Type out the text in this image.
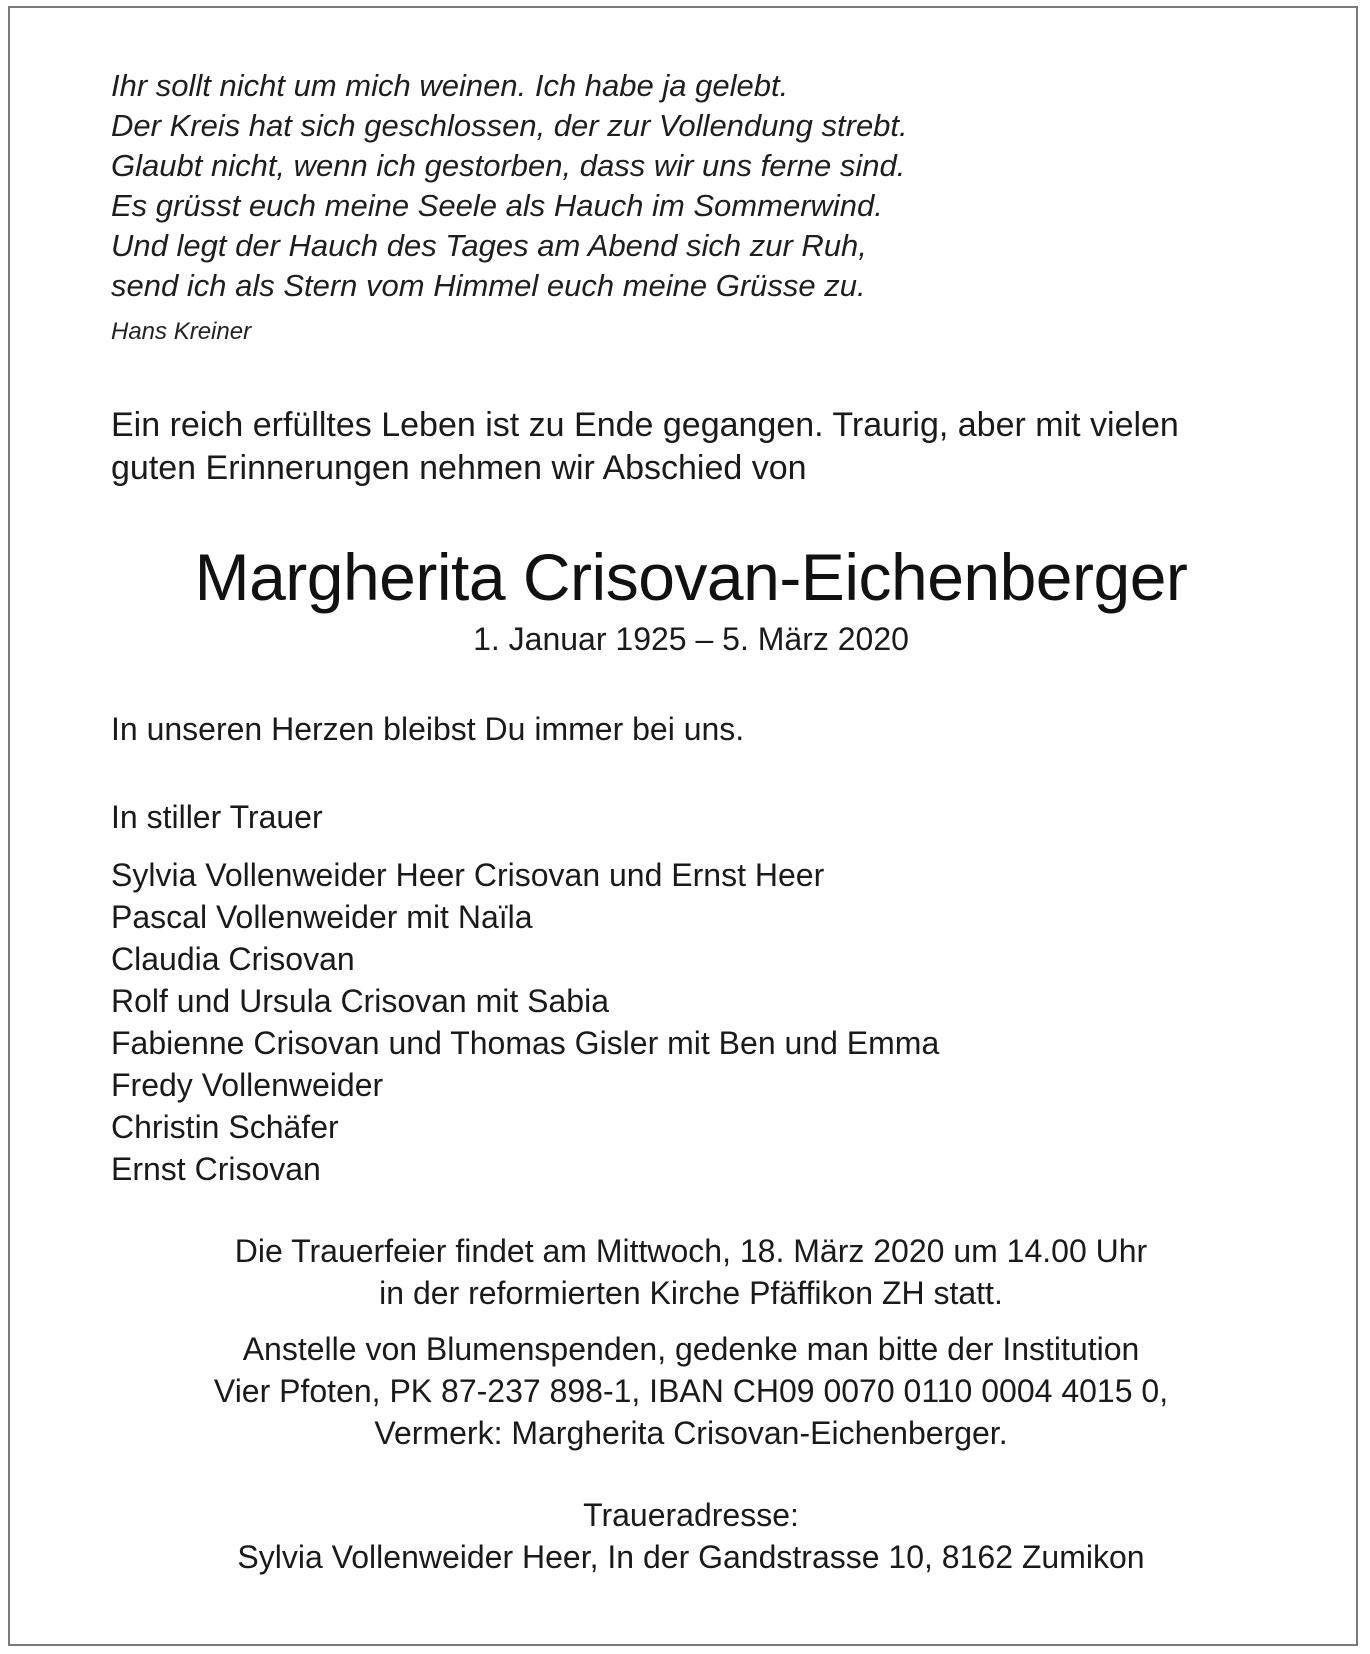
Ihr sollt nicht um mich weinen. Ich habe ja gelebt.
Der Kreis hat sich geschlossen, der zur Vollendung strebt.
Glaubt nicht, wenn ich gestorben, dass wir uns ferne sind.
Es grüsst euch meine Seele als Hauch im Sommerwind.
Und legt der Hauch des Tages am Abend sich zur Ruh,
send ich als Stern vom Himmel euch meine Grüsse zu.
Hans Kreiner
Ein reich erfülltes Leben ist zu Ende gegangen. Traurig, aber mit vielen
guten Erinnerungen nehmen wir Abschied von
Margherita Crisovan-Eichenberger
1. Januar 1925 – 5. März 2020
In unseren Herzen bleibst Du immer bei uns.
In stiller Trauer
Sylvia Vollenweider Heer Crisovan und Ernst Heer
Pascal Vollenweider mit Naïla
Claudia Crisovan
Rolf und Ursula Crisovan mit Sabia
Fabienne Crisovan und Thomas Gisler mit Ben und Emma
Fredy Vollenweider
Christin Schäfer
Ernst Crisovan
Die Trauerfeier findet am Mittwoch, 18. März 2020 um 14.00 Uhr
in der reformierten Kirche Pfäffikon ZH statt.
Anstelle von Blumenspenden, gedenke man bitte der Institution
Vier Pfoten, PK 87-237 898-1, IBAN CH09 0070 0110 0004 4015 0,
Vermerk: Margherita Crisovan-Eichenberger.
Traueradresse:
Sylvia Vollenweider Heer, In der Gandstrasse 10, 8162 Zumikon
